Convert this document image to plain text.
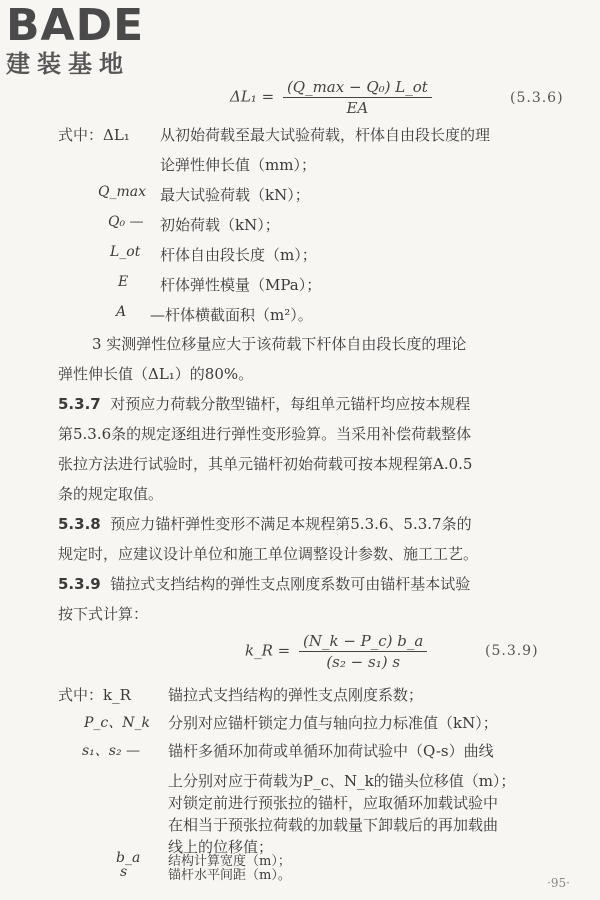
BADE
建装基地
$\Delta L_1 = \frac{\text{(Q\_max − Q₀) L\_ot}}{EA}$	(5.3.6)
式中：ΔL₁ 从初始荷载至最大试验荷载，杆体自由段长度的理
论弹性伸长值（mm）；
Q_max 最大试验荷载（kN）；
Q₀ — 初始荷载（kN）；
L_ot 杆体自由段长度（m）；
E 杆体弹性模量（MPa）；
A —杆体横截面积（m²）。
3 实测弹性位移量应大于该荷载下杆体自由段长度的理论
弹性伸长值（ΔL₁）的80%。
5.3.7 对预应力荷载分散型锚杆，每组单元锚杆均应按本规程
第5.3.6条的规定逐组进行弹性变形验算。当采用补偿荷载整体
张拉方法进行试验时，其单元锚杆初始荷载可按本规程第A.0.5
条的规定取值。
5.3.8 预应力锚杆弹性变形不满足本规程第5.3.6、5.3.7条的
规定时，应建议设计单位和施工单位调整设计参数、施工工艺。
5.3.9 锚拉式支挡结构的弹性支点刚度系数可由锚杆基本试验
按下式计算：
k_R = $\frac{(N\_k - P\_c) b\_a}{\text{(s₂ − s₁) s}}$	(5.3.9)
式中：k_R 锚拉式支挡结构的弹性支点刚度系数；
P_c、N_k 分别对应锚杆锁定力值与轴向拉力标准值（kN）；
s₁、s₂ — 锚杆多循环加荷或单循环加荷试验中（Q-s）曲线
上分别对应于荷载为P_c、N_k的锚头位移值（m）；
对锁定前进行预张拉的锚杆，应取循环加载试验中
在相当于预张拉荷载的加载量下卸载后的再加载曲
线上的位移值；
·95·
b_a 结构计算宽度（m）；
s	锚杆水平间距（m）。
